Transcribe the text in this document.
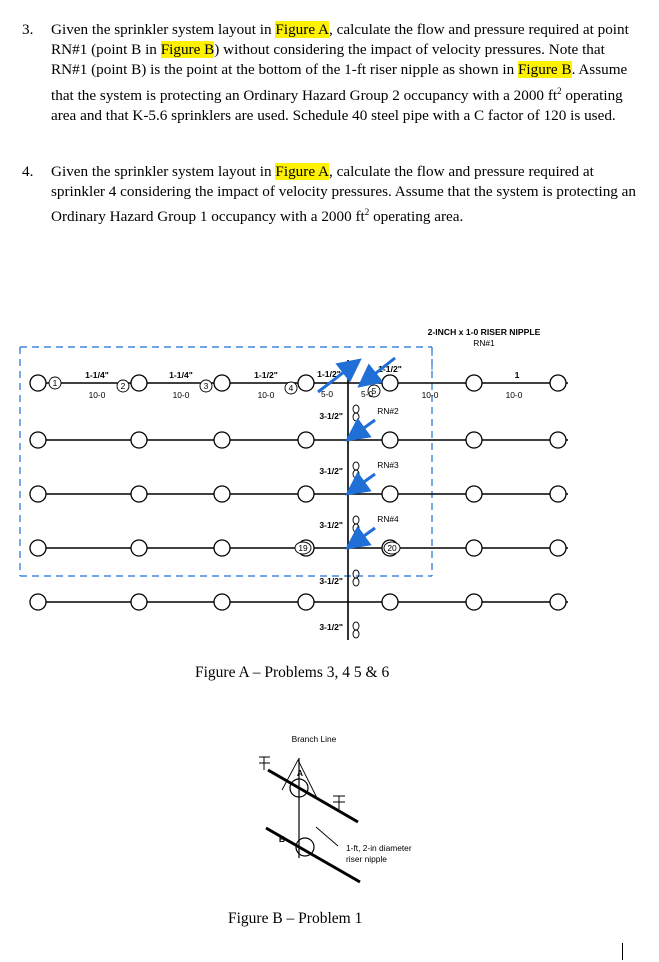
3. Given the sprinkler system layout in Figure A, calculate the flow and pressure required at point RN#1 (point B in Figure B) without considering the impact of velocity pressures. Note that RN#1 (point B) is the point at the bottom of the 1-ft riser nipple as shown in Figure B. Assume that the system is protecting an Ordinary Hazard Group 2 occupancy with a 2000 $ft^2$ operating area and that K-5.6 sprinklers are used. Schedule 40 steel pipe with a C factor of 120 is used.
4. Given the sprinkler system layout in Figure A, calculate the flow and pressure required at sprinkler 4 considering the impact of velocity pressures. Assume that the system is protecting an Ordinary Hazard Group 1 occupancy with a 2000 $ft^2$ operating area.
1	2	3	4	5
19	20
1-1/4"	1-1/4"	1-1/2"	1-1/2"	1-1/2"
1
10-0	10-0	10-0	5-0	5-0	10-0	10-0
3-1/2"
3-1/2"
3-1/2"
3-1/2"
3-1/2"
2-INCH x 1-0 RISER NIPPLE
RN#1
RN#2
RN#3
RN#4
Figure A – Problems 3, 4 5 & 6
Branch Line
A
B
1-ft, 2-in diameter
riser nipple
Figure B – Problem 1
